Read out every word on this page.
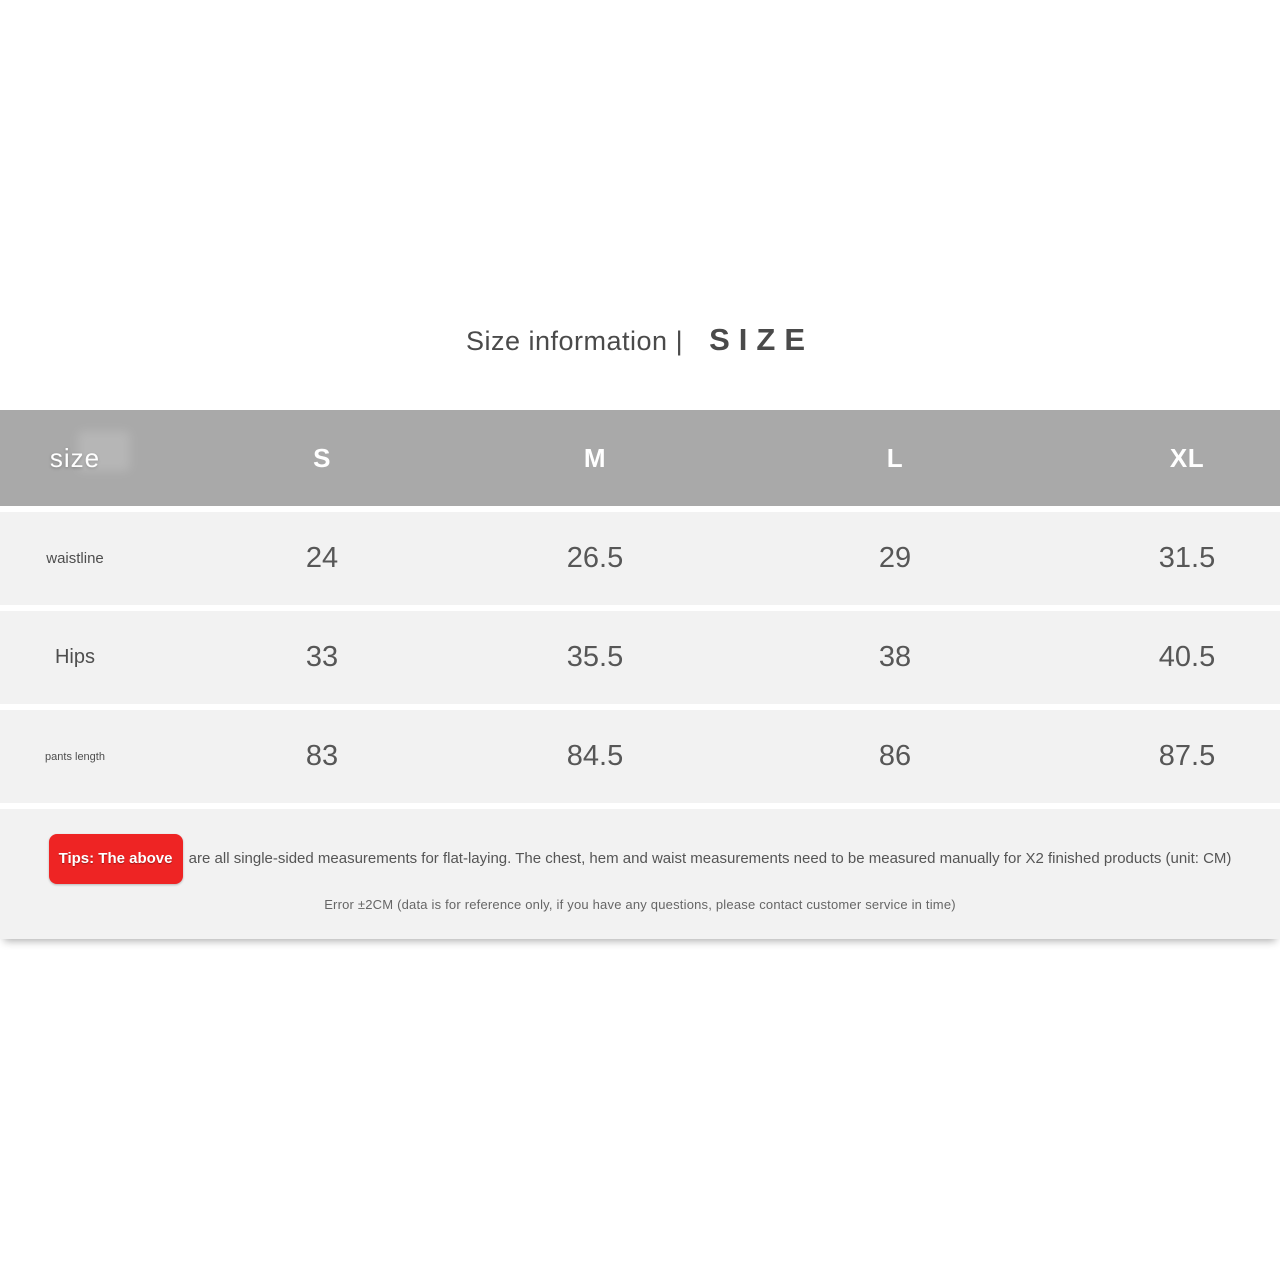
Size information | SIZE
size	S	M	L	XL
waistline	24	26.5	29	31.5
Hips	33	35.5	38	40.5
pants length	83	84.5	86	87.5
Tips: The above are all single-sided measurements for flat-laying. The chest, hem and waist measurements need to be measured manually for X2 finished products (unit: CM)
Error ±2CM (data is for reference only, if you have any questions, please contact customer service in time)
